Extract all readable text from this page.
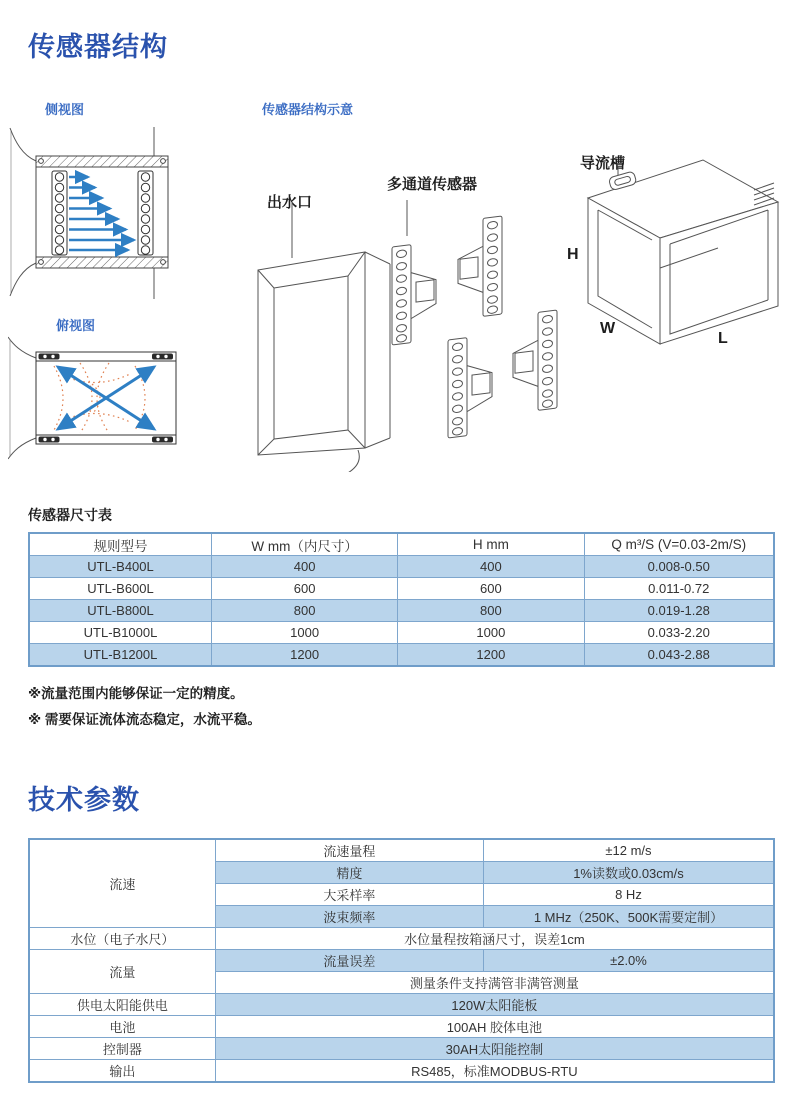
传感器结构
侧视图	传感器结构示意
俯视图
出水口
多通道传感器
导流槽
H
W
L
传感器尺寸表
规则型号	W mm（内尺寸）	H mm	Q m³/S (V=0.03-2m/S)
UTL-B400L	400	400	0.008-0.50
UTL-B600L	600	600	0.011-0.72
UTL-B800L	800	800	0.019-1.28
UTL-B1000L	1000	1000	0.033-2.20
UTL-B1200L	1200	1200	0.043-2.88
※流量范围内能够保证一定的精度。
※ 需要保证流体流态稳定，水流平稳。
技术参数
流速	流速量程	±12 m/s
	精度	1%读数或0.03cm/s
	大采样率	8 Hz
	波束频率	1 MHz（250K、500K需要定制）
水位（电子水尺）	水位量程按箱涵尺寸，误差1cm	
流量	流量误差	±2.0%
	测量条件支持满管非满管测量	
供电太阳能供电	120W太阳能板	
电池	100AH 胶体电池	
控制器	30AH太阳能控制	
输出	RS485，标准MODBUS-RTU	
